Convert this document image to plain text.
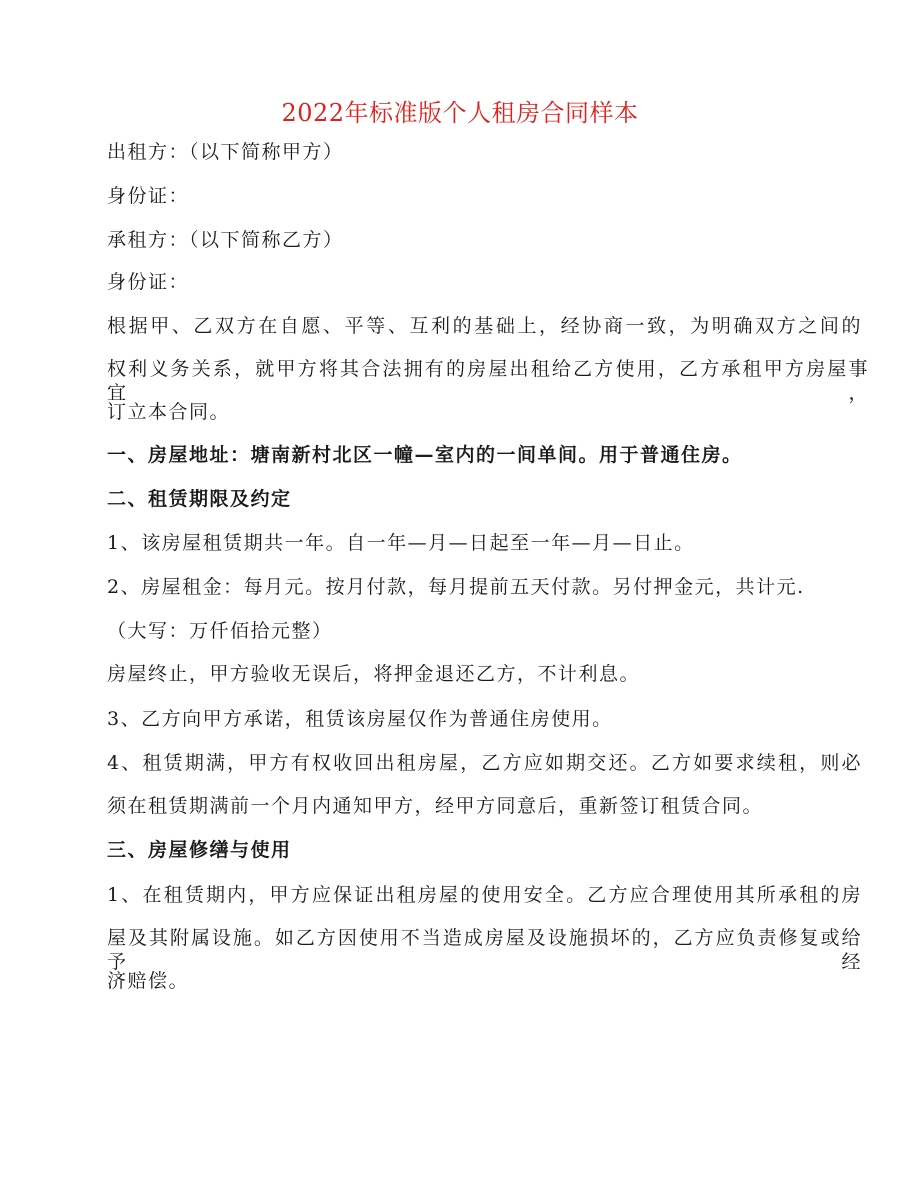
2022年标准版个人租房合同样本
出租方：（以下简称甲方）
身份证：
承租方：（以下简称乙方）
身份证：
根据甲、乙双方在自愿、平等、互利的基础上，经协商一致，为明确双方之间的
权利义务关系，就甲方将其合法拥有的房屋出租给乙方使用，乙方承租甲方房屋事宜，
订立本合同。
一、房屋地址：塘南新村北区一幢—室内的一间单间。用于普通住房。
二、租赁期限及约定
1、该房屋租赁期共一年。自一年—月—日起至一年—月—日止。
2、房屋租金：每月元。按月付款，每月提前五天付款。另付押金元，共计元.
（大写：万仟佰拾元整）
房屋终止，甲方验收无误后，将押金退还乙方，不计利息。
3、乙方向甲方承诺，租赁该房屋仅作为普通住房使用。
4、租赁期满，甲方有权收回出租房屋，乙方应如期交还。乙方如要求续租，则必
须在租赁期满前一个月内通知甲方，经甲方同意后，重新签订租赁合同。
三、房屋修缮与使用
1、在租赁期内，甲方应保证出租房屋的使用安全。乙方应合理使用其所承租的房
屋及其附属设施。如乙方因使用不当造成房屋及设施损坏的，乙方应负责修复或给予经
济赔偿。
